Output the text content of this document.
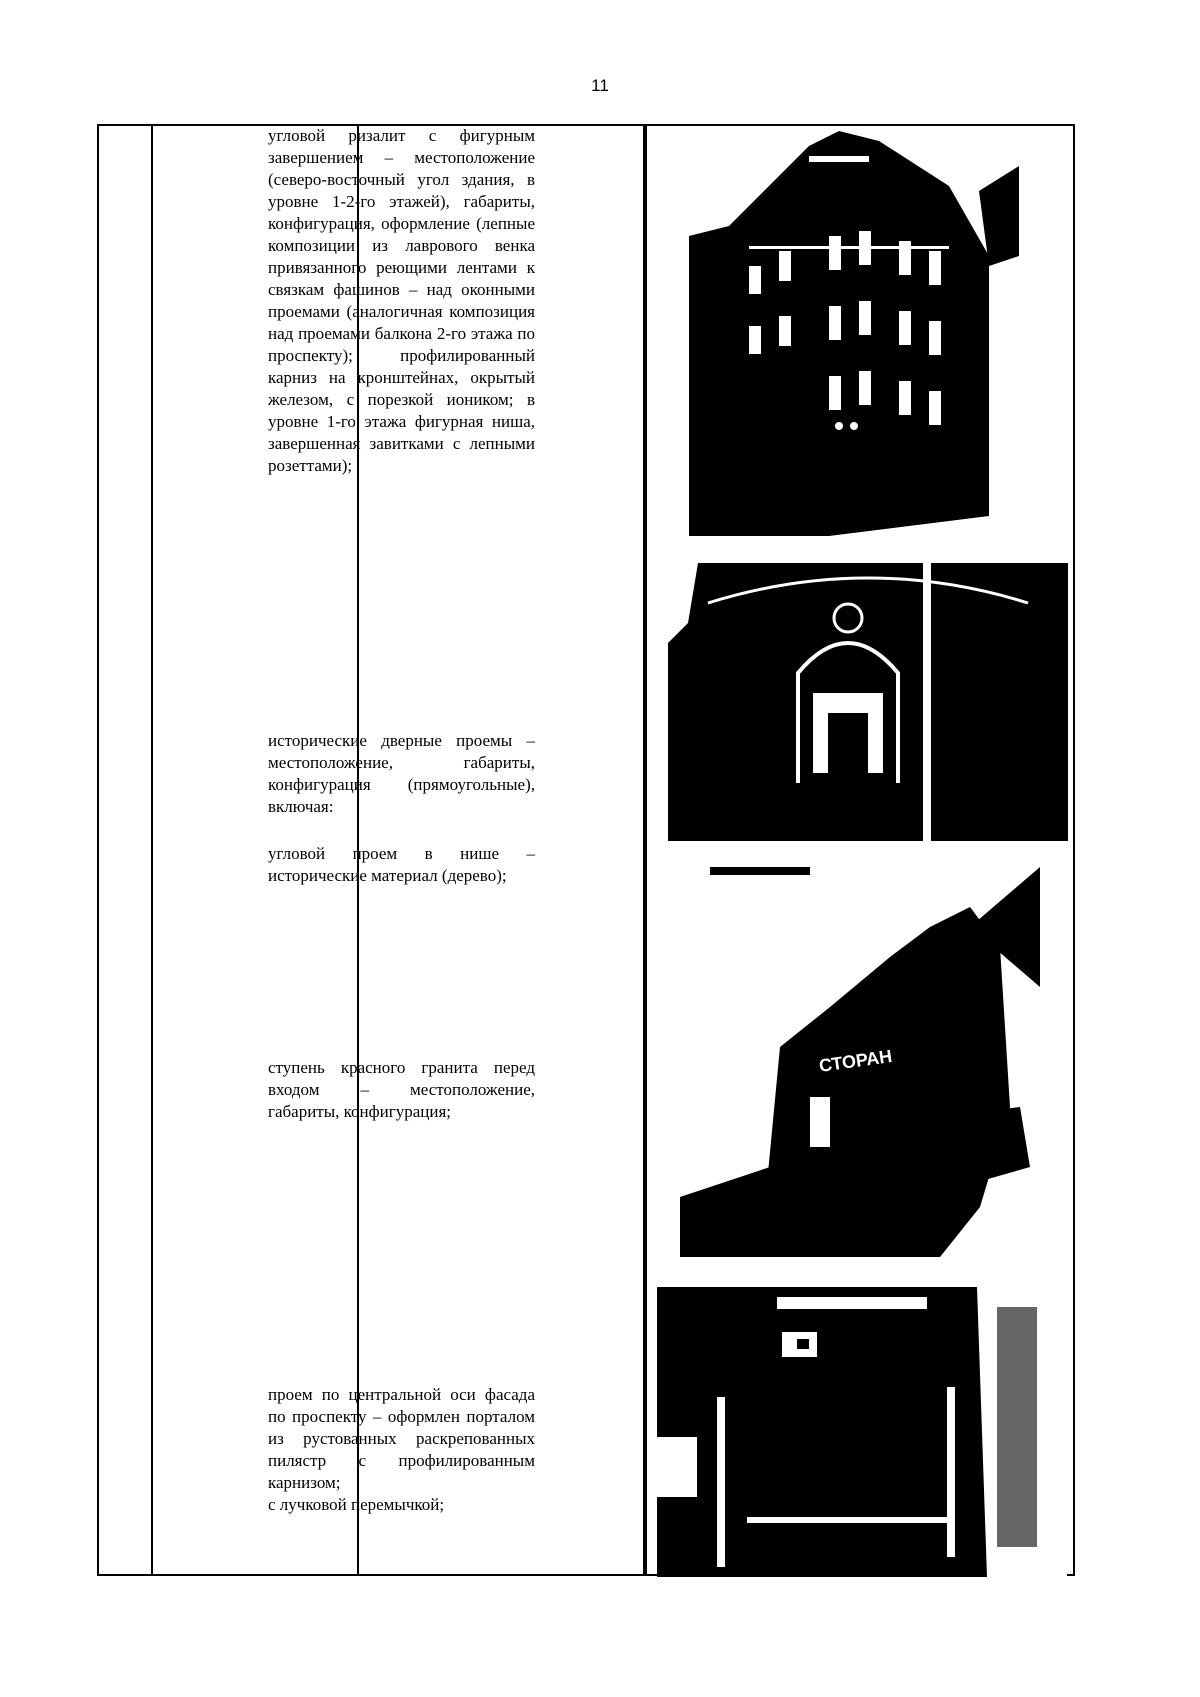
11

угловой ризалит с фигурным завершением – местоположение (северо-восточный угол здания, в уровне 1-2-го этажей), габариты, конфигурация, оформление (лепные композиции из лаврового венка привязанного реющими лентами к связкам фашинов – над оконными проемами (аналогичная композиция над проемами балкона 2-го этажа по проспекту); профилированный карниз на кронштейнах, окрытый железом, с порезкой иоником; в уровне 1-го этажа фигурная ниша, завершенная завитками с лепными розеттами);

исторические дверные проемы – местоположение, габариты, конфигурация (прямоугольные), включая:

угловой проем в нише – исторические материал (дерево);

ступень красного гранита перед входом – местоположение, габариты, конфигурация;

проем по центральной оси фасада по проспекту – оформлен порталом из рустованных раскрепованных пилястр с профилированным карнизом;

с лучковой перемычкой;

СТОРАН
